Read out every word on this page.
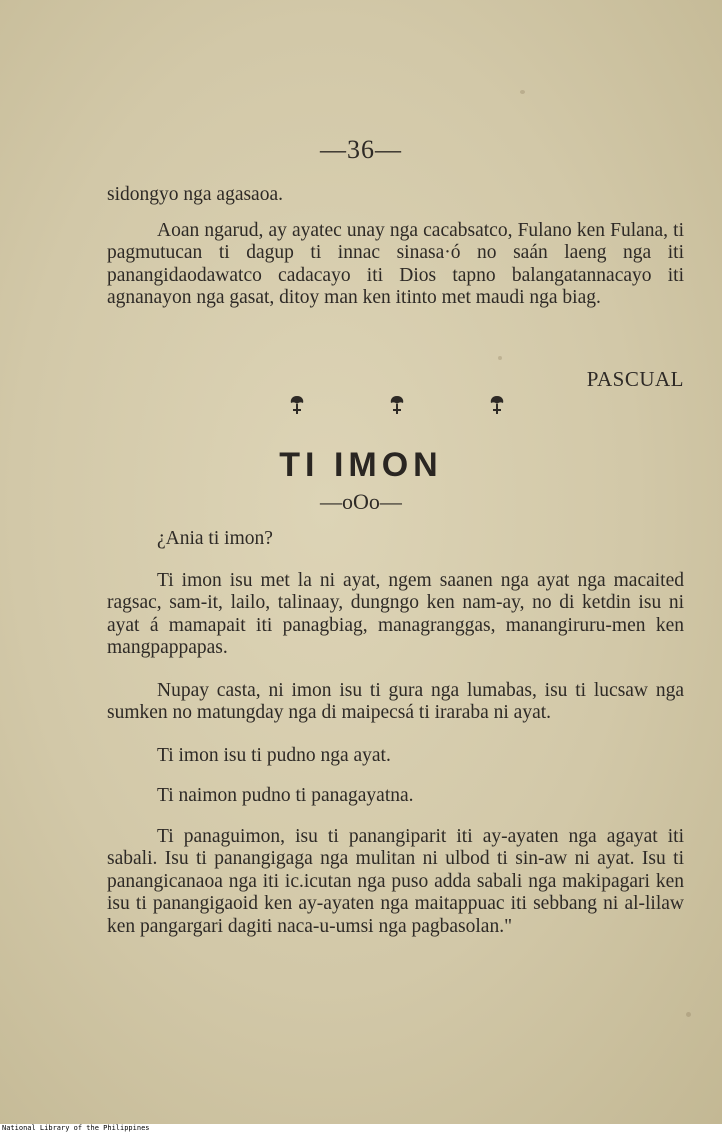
—36—

sidongyo nga agasaoa.

Aoan ngarud, ay ayatec unay nga cacabsatco, Fulano ken Fulana, ti pagmutucan ti dagup ti innac sinasa·ó no saán laeng nga iti panangidaodawatco cadacayo iti Dios tapno balangatannacayo iti agnanayon nga gasat, ditoy man ken itinto met maudi nga biag.

PASCUAL
TI IMON
—oOo—

¿Ania ti imon?

Ti imon isu met la ni ayat, ngem saanen nga ayat nga macaited ragsac, sam-it, lailo, talinaay, dungngo ken nam-ay, no di ketdin isu ni ayat á mamapait iti panagbiag, managranggas, manangiruru-men ken mangpappapas.

Nupay casta, ni imon isu ti gura nga lumabas, isu ti lucsaw nga sumken no matungday nga di maipecsá ti iraraba ni ayat.

Ti imon isu ti pudno nga ayat.

Ti naimon pudno ti panagayatna.

Ti panaguimon, isu ti panangiparit iti ay-ayaten nga agayat iti sabali. Isu ti panangigaga nga mulitan ni ulbod ti sin-aw ni ayat. Isu ti panangicanaoa nga iti ic.icutan nga puso adda sabali nga makipagari ken isu ti panangigaoid ken ay-ayaten nga maitappuac iti sebbang ni al-lilaw ken pangargari dagiti naca-u-umsi nga pagbasolan."

National Library of the Philippines
